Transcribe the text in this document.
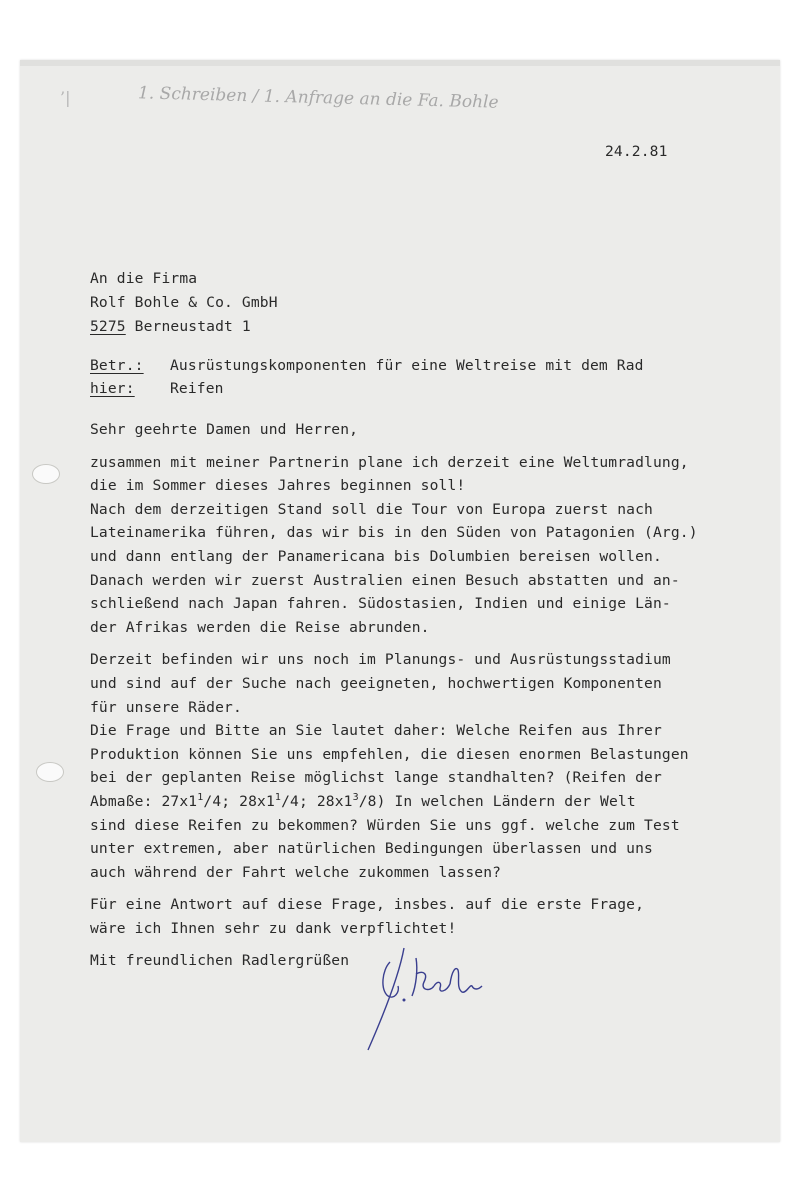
’|	1. Schreiben / 1. Anfrage an die Fa. Bohle
24.2.81
An die Firma
Rolf Bohle & Co. GmbH
5275 Berneustadt 1
Betr.:	Ausrüstungskomponenten für eine Weltreise mit dem Rad
hier:	Reifen

Sehr geehrte Damen und Herren,

zusammen mit meiner Partnerin plane ich derzeit eine Weltumradlung,

die im Sommer dieses Jahres beginnen soll!

Nach dem derzeitigen Stand soll die Tour von Europa zuerst nach

Lateinamerika führen, das wir bis in den Süden von Patagonien (Arg.)

und dann entlang der Panamericana bis Dolumbien bereisen wollen.

Danach werden wir zuerst Australien einen Besuch abstatten und an-

schließend nach Japan fahren. Südostasien, Indien und einige Län-

der Afrikas werden die Reise abrunden.

Derzeit befinden wir uns noch im Planungs- und Ausrüstungsstadium

und sind auf der Suche nach geeigneten, hochwertigen Komponenten

für unsere Räder.

Die Frage und Bitte an Sie lautet daher: Welche Reifen aus Ihrer

Produktion können Sie uns empfehlen, die diesen enormen Belastungen

bei der geplanten Reise möglichst lange standhalten? (Reifen der

Abmaße: $27x1^1/4$; $28x1^1/4$; $28x1^3/8$) In welchen Ländern der Welt

sind diese Reifen zu bekommen? Würden Sie uns ggf. welche zum Test

unter extremen, aber natürlichen Bedingungen überlassen und uns

auch während der Fahrt welche zukommen lassen?

Für eine Antwort auf diese Frage, insbes. auf die erste Frage,

wäre ich Ihnen sehr zu dank verpflichtet!

Mit freundlichen Radlergrüßen
